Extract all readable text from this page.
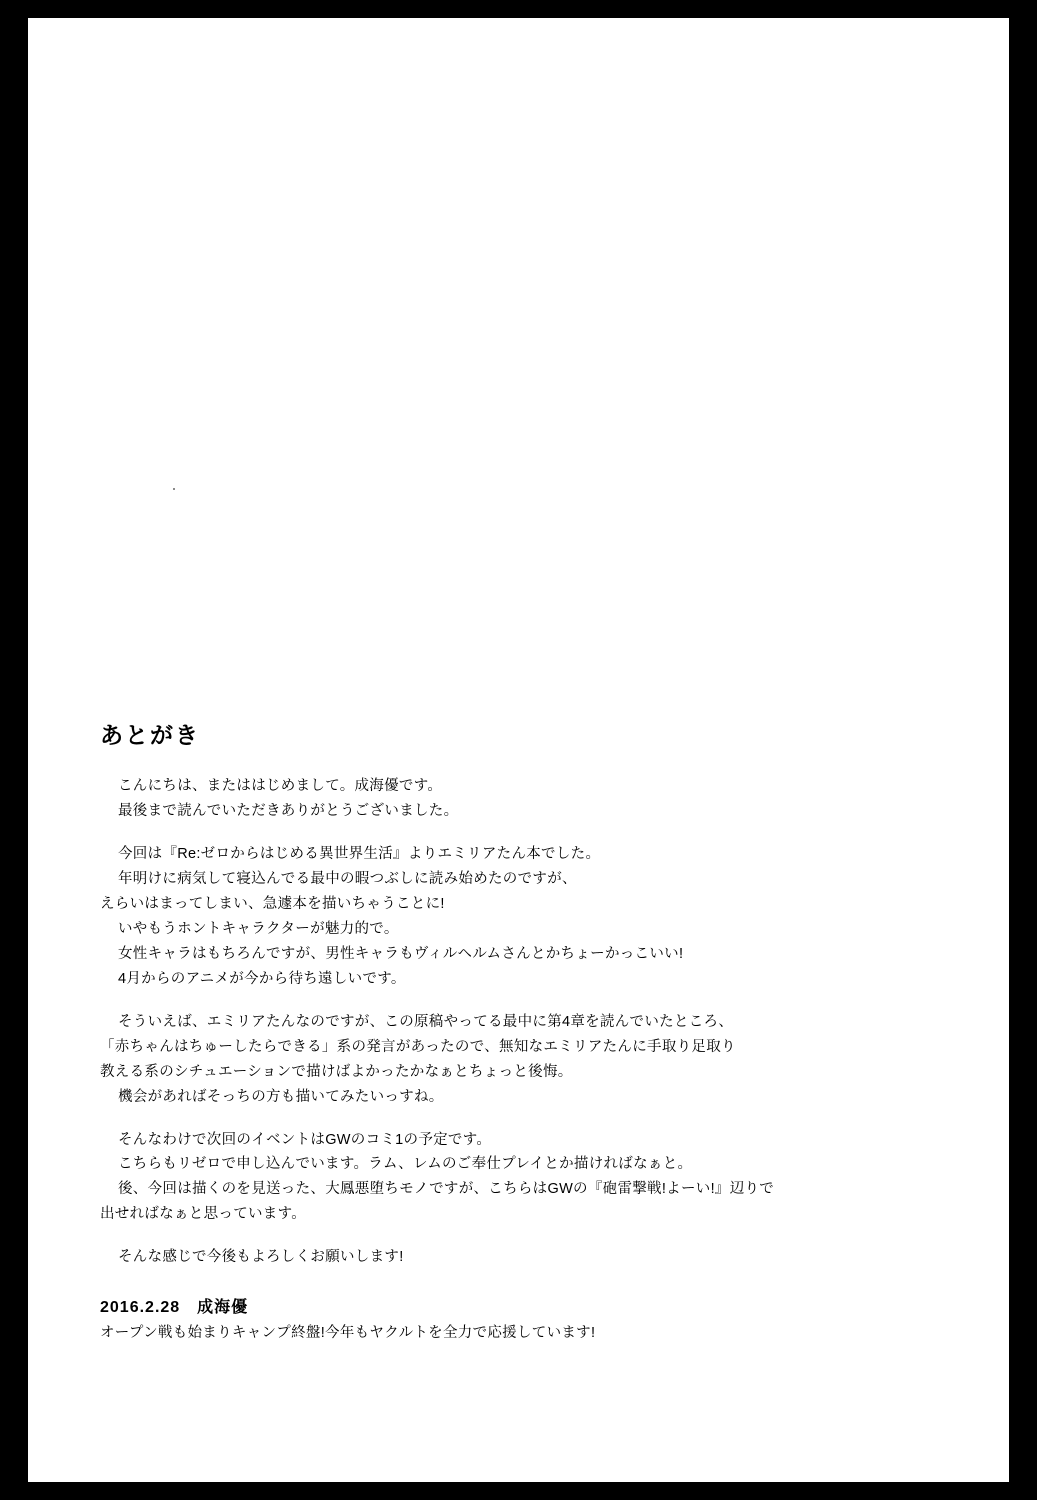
あとがき

こんにちは、またははじめまして。成海優です。
最後まで読んでいただきありがとうございました。

今回は『Re:ゼロからはじめる異世界生活』よりエミリアたん本でした。
年明けに病気して寝込んでる最中の暇つぶしに読み始めたのですが、
えらいはまってしまい、急遽本を描いちゃうことに!
いやもうホントキャラクターが魅力的で。
女性キャラはもちろんですが、男性キャラもヴィルヘルムさんとかちょーかっこいい!
4月からのアニメが今から待ち遠しいです。

そういえば、エミリアたんなのですが、この原稿やってる最中に第4章を読んでいたところ、
「赤ちゃんはちゅーしたらできる」系の発言があったので、無知なエミリアたんに手取り足取り
教える系のシチュエーションで描けばよかったかなぁとちょっと後悔。
機会があればそっちの方も描いてみたいっすね。

そんなわけで次回のイベントはGWのコミ1の予定です。
こちらもリゼロで申し込んでいます。ラム、レムのご奉仕プレイとか描ければなぁと。
後、今回は描くのを見送った、大鳳悪堕ちモノですが、こちらはGWの『砲雷撃戦!よーい!』辺りで
出せればなぁと思っています。

そんな感じで今後もよろしくお願いします!

2016.2.28　成海優

オープン戦も始まりキャンプ終盤!今年もヤクルトを全力で応援しています!
